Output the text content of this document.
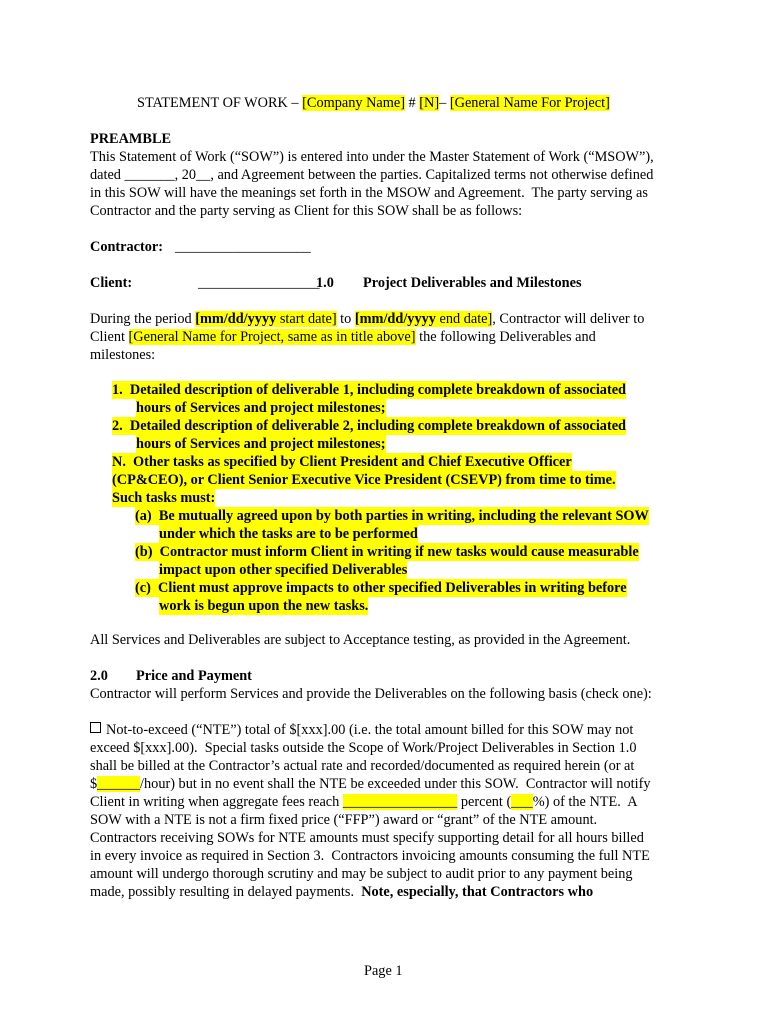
STATEMENT OF WORK – [Company Name] # [N]– [General Name For Project]

PREAMBLE

This Statement of Work (“SOW”) is entered into under the Master Statement of Work (“MSOW”),

dated _______, 20__, and Agreement between the parties. Capitalized terms not otherwise defined

in this SOW will have the meanings set forth in the MSOW and Agreement.  The party serving as

Contractor and the party serving as Client for this SOW shall be as follows:

Contractor: ___________________

Client:	_________________

1.0 Project Deliverables and Milestones

During the period [mm/dd/yyyy start date] to [mm/dd/yyyy end date], Contractor will deliver to

Client [General Name for Project, same as in title above] the following Deliverables and

milestones:

1.  Detailed description of deliverable 1, including complete breakdown of associated

hours of Services and project milestones;

2.  Detailed description of deliverable 2, including complete breakdown of associated

hours of Services and project milestones;

N.  Other tasks as specified by Client President and Chief Executive Officer

(CP&CEO), or Client Senior Executive Vice President (CSEVP) from time to time.

Such tasks must:

(a)  Be mutually agreed upon by both parties in writing, including the relevant SOW

under which the tasks are to be performed

(b)  Contractor must inform Client in writing if new tasks would cause measurable

impact upon other specified Deliverables

(c)  Client must approve impacts to other specified Deliverables in writing before

work is begun upon the new tasks.

All Services and Deliverables are subject to Acceptance testing, as provided in the Agreement.

2.0 Price and Payment

Contractor will perform Services and provide the Deliverables on the following basis (check one):

Not-to-exceed (“NTE”) total of $[xxx].00 (i.e. the total amount billed for this SOW may not

exceed $[xxx].00).  Special tasks outside the Scope of Work/Project Deliverables in Section 1.0

shall be billed at the Contractor’s actual rate and recorded/documented as required herein (or at

$______/hour) but in no event shall the NTE be exceeded under this SOW.  Contractor will notify

Client in writing when aggregate fees reach ________________ percent (___%) of the NTE.  A

SOW with a NTE is not a firm fixed price (“FFP”) award or “grant” of the NTE amount.

Contractors receiving SOWs for NTE amounts must specify supporting detail for all hours billed

in every invoice as required in Section 3.  Contractors invoicing amounts consuming the full NTE

amount will undergo thorough scrutiny and may be subject to audit prior to any payment being

made, possibly resulting in delayed payments.  Note, especially, that Contractors who

Page 1
